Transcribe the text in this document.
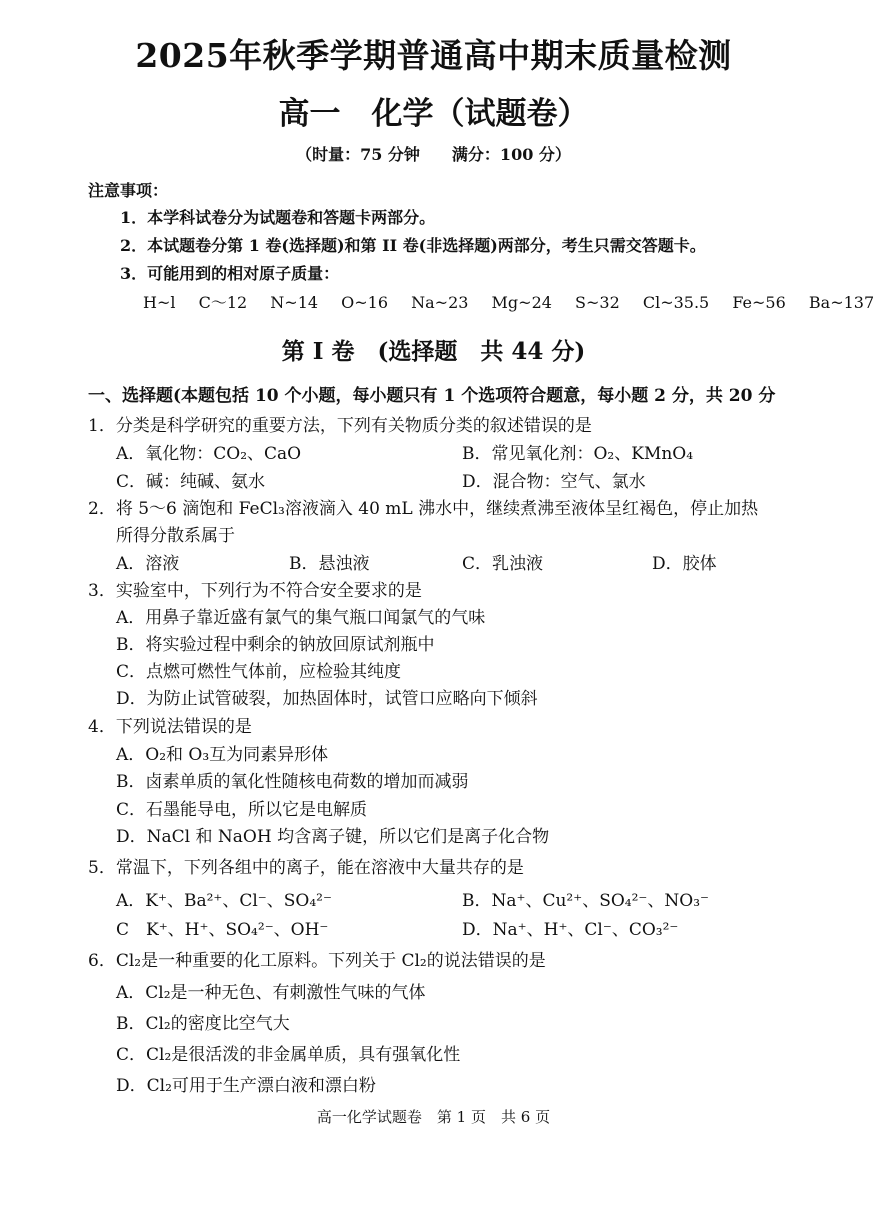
2025年秋季学期普通高中期末质量检测
高一　化学（试题卷）
（时量：75 分钟　　满分：100 分）
注意事项：
1．本学科试卷分为试题卷和答题卡两部分。
2．本试题卷分第 1 卷(选择题)和第 II 卷(非选择题)两部分，考生只需交答题卡。
3．可能用到的相对原子质量：
H~l C～12 N~14 O~16 Na~23 Mg~24 S~32 Cl~35.5 Fe~56 Ba~137
第 I 卷　(选择题　共 44 分)
一、选择题(本题包括 10 个小题，每小题只有 1 个选项符合题意，每小题 2 分，共 20 分
1．分类是科学研究的重要方法，下列有关物质分类的叙述错误的是
A．氧化物：CO₂、CaO	B．常见氧化剂：O₂、KMnO₄
C．碱：纯碱、氨水	D．混合物：空气、氯水
2．将 5～6 滴饱和 FeCl₃溶液滴入 40 mL 沸水中，继续煮沸至液体呈红褐色，停止加热
所得分散系属于
A．溶液	B．悬浊液	C．乳浊液	D．胶体
3．实验室中，下列行为不符合安全要求的是
A．用鼻子靠近盛有氯气的集气瓶口闻氯气的气味
B．将实验过程中剩余的钠放回原试剂瓶中
C．点燃可燃性气体前，应检验其纯度
D．为防止试管破裂，加热固体时，试管口应略向下倾斜
4．下列说法错误的是
A．O₂和 O₃互为同素异形体
B．卤素单质的氧化性随核电荷数的增加而减弱
C．石墨能导电，所以它是电解质
D．NaCl 和 NaOH 均含离子键，所以它们是离子化合物
5．常温下，下列各组中的离子，能在溶液中大量共存的是
A．K⁺、Ba²⁺、Cl⁻、SO₄²⁻	B．Na⁺、Cu²⁺、SO₄²⁻、NO₃⁻
C　K⁺、H⁺、SO₄²⁻、OH⁻	D．Na⁺、H⁺、Cl⁻、CO₃²⁻
6．Cl₂是一种重要的化工原料。下列关于 Cl₂的说法错误的是
A．Cl₂是一种无色、有刺激性气味的气体
B．Cl₂的密度比空气大
C．Cl₂是很活泼的非金属单质，具有强氧化性
D．Cl₂可用于生产漂白液和漂白粉
高一化学试题卷　第 1 页　共 6 页
